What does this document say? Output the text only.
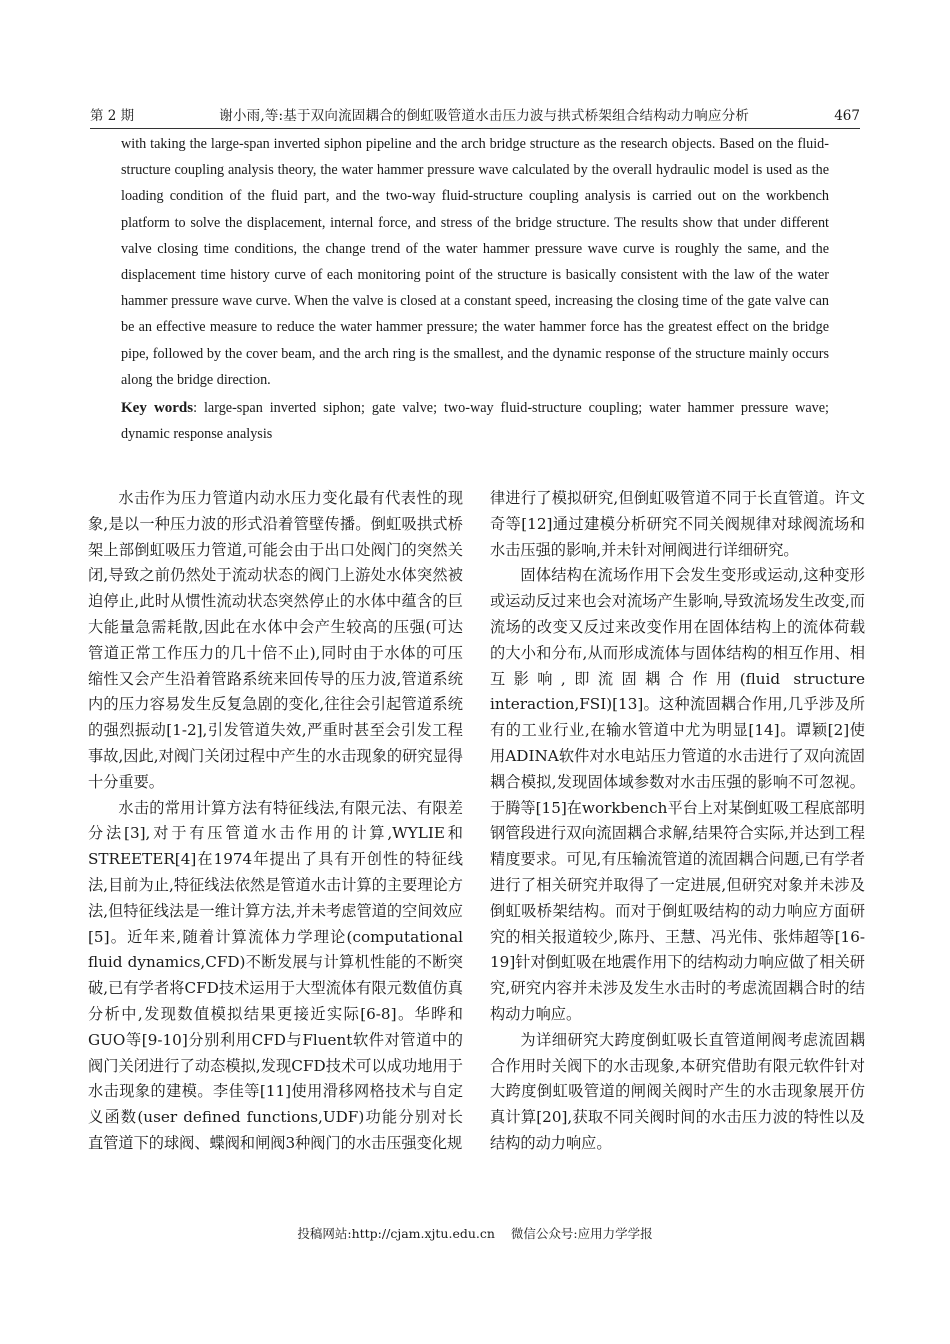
第 2 期	谢小雨,等:基于双向流固耦合的倒虹吸管道水击压力波与拱式桥架组合结构动力响应分析	467

with taking the large-span inverted siphon pipeline and the arch bridge structure as the research objects. Based on the fluid-structure coupling analysis theory, the water hammer pressure wave calculated by the overall hydraulic model is used as the loading condition of the fluid part, and the two-way fluid-structure coupling analysis is carried out on the workbench platform to solve the displacement, internal force, and stress of the bridge structure. The results show that under different valve closing time conditions, the change trend of the water hammer pressure wave curve is roughly the same, and the displacement time history curve of each monitoring point of the structure is basically consistent with the law of the water hammer pressure wave curve. When the valve is closed at a constant speed, increasing the closing time of the gate valve can be an effective measure to reduce the water hammer pressure; the water hammer force has the greatest effect on the bridge pipe, followed by the cover beam, and the arch ring is the smallest, and the dynamic response of the structure mainly occurs along the bridge direction.

Key words: large-span inverted siphon; gate valve; two-way fluid-structure coupling; water hammer pressure wave; dynamic response analysis

水击作为压力管道内动水压力变化最有代表性的现象,是以一种压力波的形式沿着管壁传播。倒虹吸拱式桥架上部倒虹吸压力管道,可能会由于出口处阀门的突然关闭,导致之前仍然处于流动状态的阀门上游处水体突然被迫停止,此时从惯性流动状态突然停止的水体中蕴含的巨大能量急需耗散,因此在水体中会产生较高的压强(可达管道正常工作压力的几十倍不止),同时由于水体的可压缩性又会产生沿着管路系统来回传导的压力波,管道系统内的压力容易发生反复急剧的变化,往往会引起管道系统的强烈振动[1-2],引发管道失效,严重时甚至会引发工程事故,因此,对阀门关闭过程中产生的水击现象的研究显得十分重要。

水击的常用计算方法有特征线法,有限元法、有限差分法[3],对于有压管道水击作用的计算,WYLIE和STREETER[4]在1974年提出了具有开创性的特征线法,目前为止,特征线法依然是管道水击计算的主要理论方法,但特征线法是一维计算方法,并未考虑管道的空间效应[5]。近年来,随着计算流体力学理论(computational fluid dynamics,CFD)不断发展与计算机性能的不断突破,已有学者将CFD技术运用于大型流体有限元数值仿真分析中,发现数值模拟结果更接近实际[6-8]。华晔和GUO等[9-10]分别利用CFD与Fluent软件对管道中的阀门关闭进行了动态模拟,发现CFD技术可以成功地用于水击现象的建模。李佳等[11]使用滑移网格技术与自定义函数(user defined functions,UDF)功能分别对长直管道下的球阀、蝶阀和闸阀3种阀门的水击压强变化规

律进行了模拟研究,但倒虹吸管道不同于长直管道。许文奇等[12]通过建模分析研究不同关阀规律对球阀流场和水击压强的影响,并未针对闸阀进行详细研究。

固体结构在流场作用下会发生变形或运动,这种变形或运动反过来也会对流场产生影响,导致流场发生改变,而流场的改变又反过来改变作用在固体结构上的流体荷载的大小和分布,从而形成流体与固体结构的相互作用、相互影响,即流固耦合作用(fluid structure interaction,FSI)[13]。这种流固耦合作用,几乎涉及所有的工业行业,在输水管道中尤为明显[14]。谭颖[2]使用ADINA软件对水电站压力管道的水击进行了双向流固耦合模拟,发现固体域参数对水击压强的影响不可忽视。于腾等[15]在workbench平台上对某倒虹吸工程底部明钢管段进行双向流固耦合求解,结果符合实际,并达到工程精度要求。可见,有压输流管道的流固耦合问题,已有学者进行了相关研究并取得了一定进展,但研究对象并未涉及倒虹吸桥架结构。而对于倒虹吸结构的动力响应方面研究的相关报道较少,陈丹、王慧、冯光伟、张炜超等[16-19]针对倒虹吸在地震作用下的结构动力响应做了相关研究,研究内容并未涉及发生水击时的考虑流固耦合时的结构动力响应。

为详细研究大跨度倒虹吸长直管道闸阀考虑流固耦合作用时关阀下的水击现象,本研究借助有限元软件针对大跨度倒虹吸管道的闸阀关阀时产生的水击现象展开仿真计算[20],获取不同关阀时间的水击压力波的特性以及结构的动力响应。

投稿网站:http://cjam.xjtu.edu.cn 微信公众号:应用力学学报
